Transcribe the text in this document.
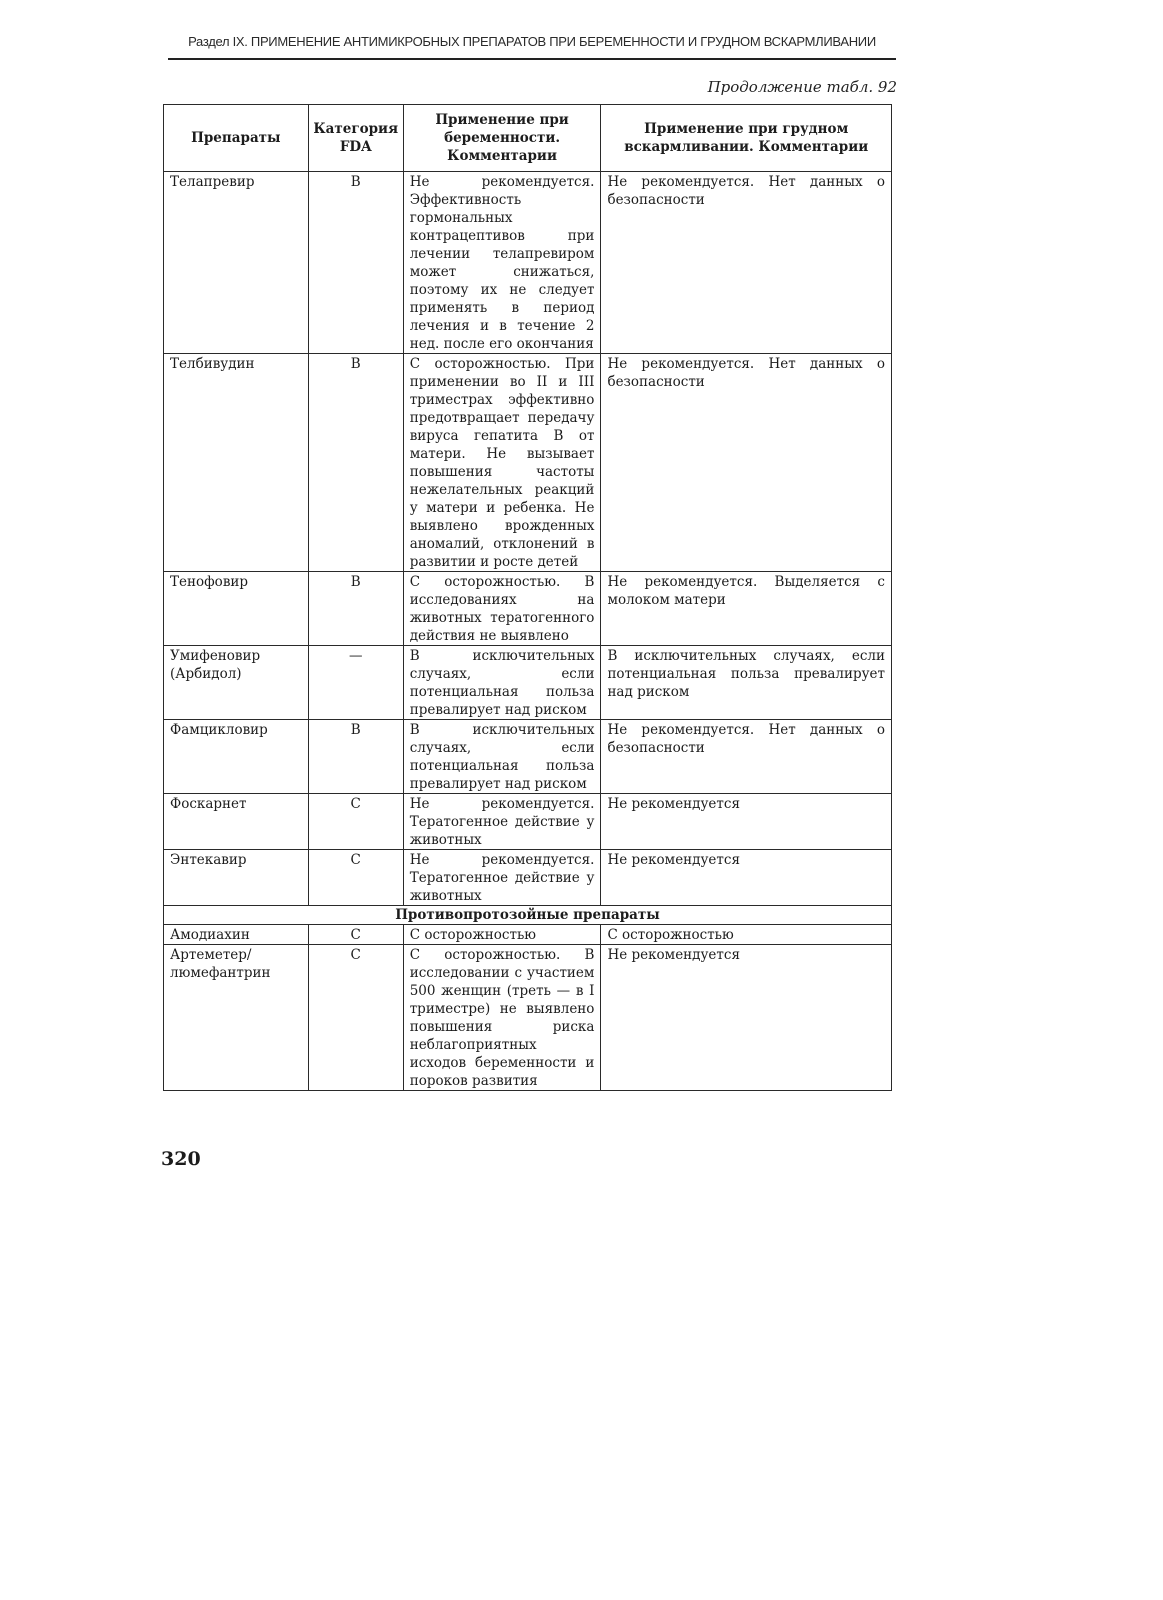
Раздел IX. ПРИМЕНЕНИЕ АНТИМИКРОБНЫХ ПРЕПАРАТОВ ПРИ БЕРЕМЕННОСТИ И ГРУДНОМ ВСКАРМЛИВАНИИ
Продолжение табл. 92
Препараты	Категория FDA	Применение при беременности. Комментарии	Применение при грудном вскармливании. Комментарии
Телапревир	B	Не рекомендуется. Эффективность гормональных контрацептивов при лечении телапревиром может снижаться, поэтому их не следует применять в период лечения и в течение 2 нед. после его окончания	Не рекомендуется. Нет данных о безопасности
Телбивудин	B	С осторожностью. При применении во II и III триместрах эффективно предотвращает передачу вируса гепатита B от матери. Не вызывает повышения частоты нежелательных реакций у матери и ребенка. Не выявлено врожденных аномалий, отклонений в развитии и росте детей	Не рекомендуется. Нет данных о безопасности
Тенофовир	B	С осторожностью. В исследованиях на животных тератогенного действия не выявлено	Не рекомендуется. Выделяется с молоком матери
Умифеновир (Арбидол)	—	В исключительных случаях, если потенциальная польза превалирует над риском	В исключительных случаях, если потенциальная польза превалирует над риском
Фамцикловир	B	В исключительных случаях, если потенциальная польза превалирует над риском	Не рекомендуется. Нет данных о безопасности
Фоскарнет	C	Не рекомендуется. Тератогенное действие у животных	Не рекомендуется
Энтекавир	C	Не рекомендуется. Тератогенное действие у животных	Не рекомендуется
Противопротозойные препараты			
Амодиахин	C	С осторожностью	С осторожностью
Артеметер/ люмефантрин	C	С осторожностью. В исследовании с участием 500 женщин (треть — в I триместре) не выявлено повышения риска неблагоприятных исходов беременности и пороков развития	Не рекомендуется
320
